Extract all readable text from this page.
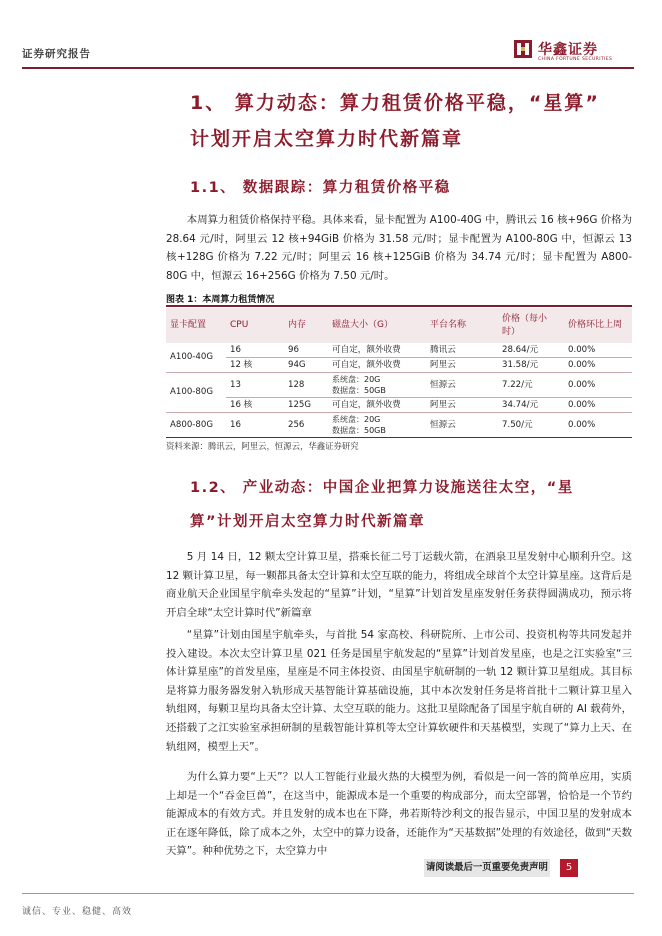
证券研究报告	华鑫证券
CHINA FORTUNE SECURITIES
1、 算力动态：算力租赁价格平稳，“星算”
计划开启太空算力时代新篇章
1.1、 数据跟踪：算力租赁价格平稳

本周算力租赁价格保持平稳。具体来看，显卡配置为 A100-40G 中，腾讯云 16 核+96G 价格为 28.64 元/时，阿里云 12 核+94GiB 价格为 31.58 元/时；显卡配置为 A100-80G 中，恒源云 13 核+128G 价格为 7.22 元/时；阿里云 16 核+125GiB 价格为 34.74 元/时；显卡配置为 A800-80G 中，恒源云 16+256G 价格为 7.50 元/时。

图表 1：本周算力租赁情况
显卡配置	CPU	内存	磁盘大小（G）	平台名称	价格（每小时）	价格环比上周
A100-40G	16	96	可自定，额外收费	腾讯云	28.64/元	0.00%
	12 核	94G	可自定，额外收费	阿里云	31.58/元	0.00%
A100-80G	13	128	系统盘：20G
数据盘：50GB	恒源云	7.22/元	0.00%
	16 核	125G	可自定，额外收费	阿里云	34.74/元	0.00%
A800-80G	16	256	系统盘：20G
数据盘：50GB	恒源云	7.50/元	0.00%
资料来源：腾讯云，阿里云，恒源云，华鑫证券研究
1.2、 产业动态：中国企业把算力设施送往太空，“星
算”计划开启太空算力时代新篇章

5 月 14 日，12 颗太空计算卫星，搭乘长征二号丁运载火箭，在酒泉卫星发射中心顺利升空。这 12 颗计算卫星，每一颗都具备太空计算和太空互联的能力，将组成全球首个太空计算星座。这背后是商业航天企业国星宇航牵头发起的“星算”计划，“星算”计划首发星座发射任务获得圆满成功，预示将开启全球“太空计算时代”新篇章

“星算”计划由国星宇航牵头，与首批 54 家高校、科研院所、上市公司、投资机构等共同发起并投入建设。本次太空计算卫星 021 任务是国星宇航发起的“星算”计划首发星座，也是之江实验室“三体计算星座”的首发星座，星座是不同主体投资、由国星宇航研制的一轨 12 颗计算卫星组成。其目标是将算力服务器发射入轨形成天基智能计算基础设施，其中本次发射任务是将首批十二颗计算卫星入轨组网，每颗卫星均具备太空计算、太空互联的能力。这批卫星除配备了国星宇航自研的 AI 载荷外，还搭载了之江实验室承担研制的星载智能计算机等太空计算软硬件和天基模型，实现了“算力上天、在轨组网，模型上天”。

为什么算力要“上天”？以人工智能行业最火热的大模型为例，看似是一问一答的简单应用，实质上却是一个“吞金巨兽”，在这当中，能源成本是一个重要的构成部分，而太空部署，恰恰是一个节约能源成本的有效方式。并且发射的成本也在下降，弗若斯特沙利文的报告显示，中国卫星的发射成本正在逐年降低，除了成本之外，太空中的算力设备，还能作为“天基数据”处理的有效途径，做到“天数天算”。种种优势之下，太空算力中

请阅读最后一页重要免责声明	5
诚信、专业、稳健、高效
